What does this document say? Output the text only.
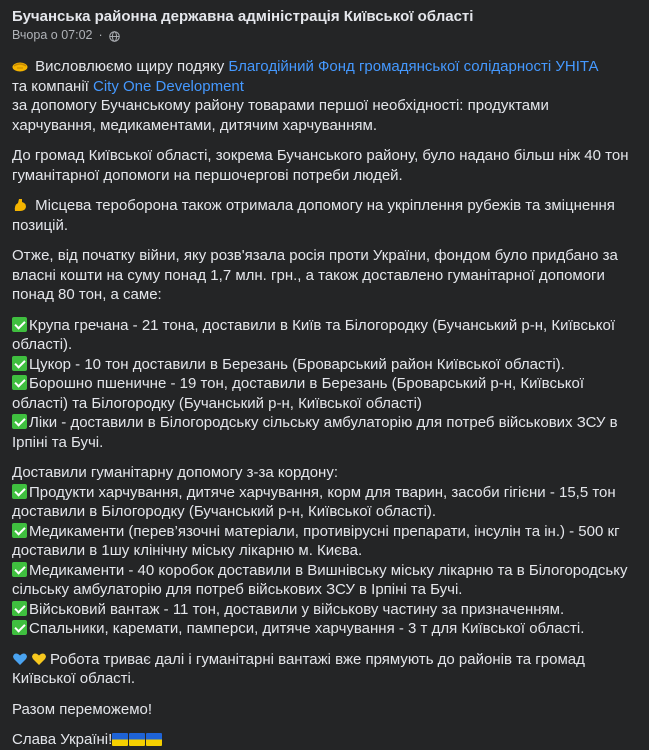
Бучанська районна державна адміністрація Київської області
Вчора о 07:02 ·
Висловлюємо щиру подяку Благодійний Фонд громадянської солідарності УНІТА
та компанії City One Development
за допомогу Бучанському району товарами першої необхідності: продуктами
харчування, медикаментами, дитячим харчуванням.
До громад Київської області, зокрема Бучанського району, було надано більш ніж 40 тон
гуманітарної допомоги на першочергові потреби людей.
Місцева тероборона також отримала допомогу на укріплення рубежів та зміцнення
позицій.
Отже, від початку війни, яку розв'язала росія проти України, фондом було придбано за
власні кошти на суму понад 1,7 млн. грн., а також доставлено гуманітарної допомоги
понад 80 тон, а саме:
Крупа гречана - 21 тона, доставили в Київ та Білогородку (Бучанський р-н, Київської
області).
Цукор - 10 тон доставили в Березань (Броварський район Київської області).
Борошно пшеничне - 19 тон, доставили в Березань (Броварський р-н, Київської
області) та Білогородку (Бучанський р-н, Київської області)
Ліки - доставили в Білогородську сільську амбулаторію для потреб військових ЗСУ в
Ірпіні та Бучі.
Доставили гуманітарну допомогу з-за кордону:
Продукти харчування, дитяче харчування, корм для тварин, засоби гігієни - 15,5 тон
доставили в Білогородку (Бучанський р-н, Київської області).
Медикаменти (перев’язочні матеріали, противірусні препарати, інсулін та ін.) - 500 кг
доставили в 1шу клінічну міську лікарню м. Києва.
Медикаменти - 40 коробок доставили в Вишнівську міську лікарню та в Білогородську
сільську амбулаторію для потреб військових ЗСУ в Ірпіні та Бучі.
Військовий вантаж - 11 тон, доставили у військову частину за призначенням.
Спальники, каремати, памперси, дитяче харчування - 3 т для Київської області.
Робота триває далі і гуманітарні вантажі вже прямують до районів та громад
Київської області.
Разом переможемо!
Слава Україні!
